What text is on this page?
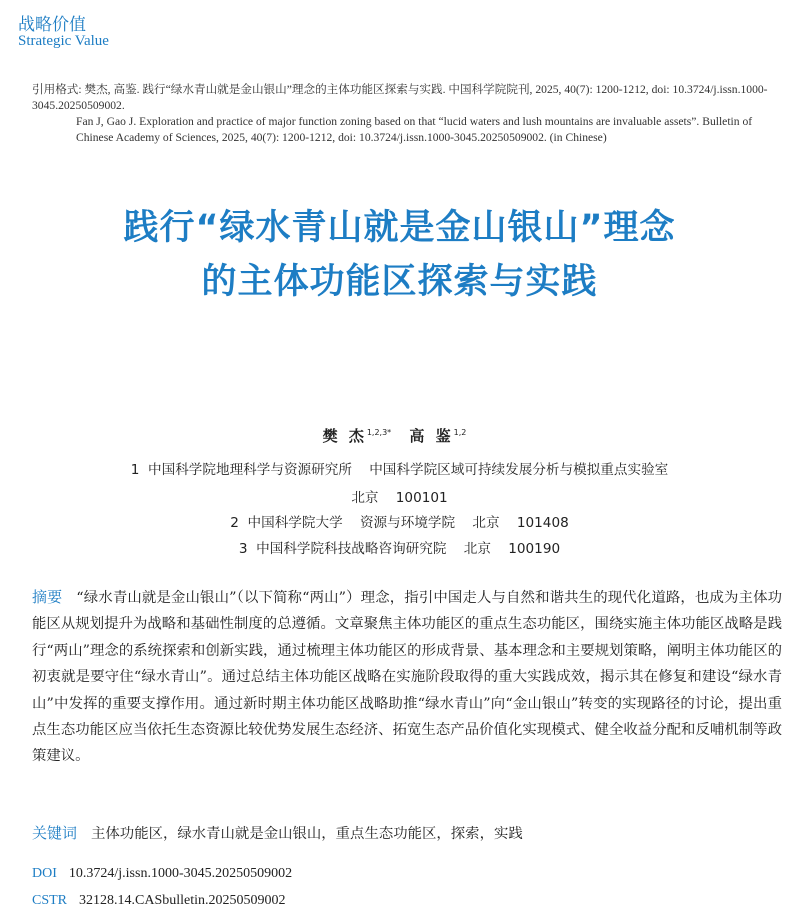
战略价值
Strategic Value
引用格式: 樊杰, 高鉴. 践行“绿水青山就是金山银山”理念的主体功能区探索与实践. 中国科学院院刊, 2025, 40(7): 1200-1212, doi: 10.3724/j.issn.1000-3045.20250509002.
Fan J, Gao J. Exploration and practice of major function zoning based on that “lucid waters and lush mountains are invaluable assets”. Bulletin of Chinese Academy of Sciences, 2025, 40(7): 1200-1212, doi: 10.3724/j.issn.1000-3045.20250509002. (in Chinese)
践行“绿水青山就是金山银山”理念
的主体功能区探索与实践
樊 杰$^{1,2,3*}$ 高 鉴$^{1,2}$
1  中国科学院地理科学与资源研究所    中国科学院区域可持续发展分析与模拟重点实验室
北京    100101
2  中国科学院大学    资源与环境学院    北京    101408
3  中国科学院科技战略咨询研究院    北京    100190
摘要 “绿水青山就是金山银山”（以下简称“两山”）理念，指引中国走人与自然和谐共生的现代化道路，也成为主体功能区从规划提升为战略和基础性制度的总遵循。文章聚焦主体功能区的重点生态功能区，围绕实施主体功能区战略是践行“两山”理念的系统探索和创新实践，通过梳理主体功能区的形成背景、基本理念和主要规划策略，阐明主体功能区的初衷就是要守住“绿水青山”。通过总结主体功能区战略在实施阶段取得的重大实践成效，揭示其在修复和建设“绿水青山”中发挥的重要支撑作用。通过新时期主体功能区战略助推“绿水青山”向“金山银山”转变的实现路径的讨论，提出重点生态功能区应当依托生态资源比较优势发展生态经济、拓宽生态产品价值化实现模式、健全收益分配和反哺机制等政策建议。
关键词 主体功能区，绿水青山就是金山银山，重点生态功能区，探索，实践
DOI 10.3724/j.issn.1000-3045.20250509002
CSTR 32128.14.CASbulletin.20250509002
